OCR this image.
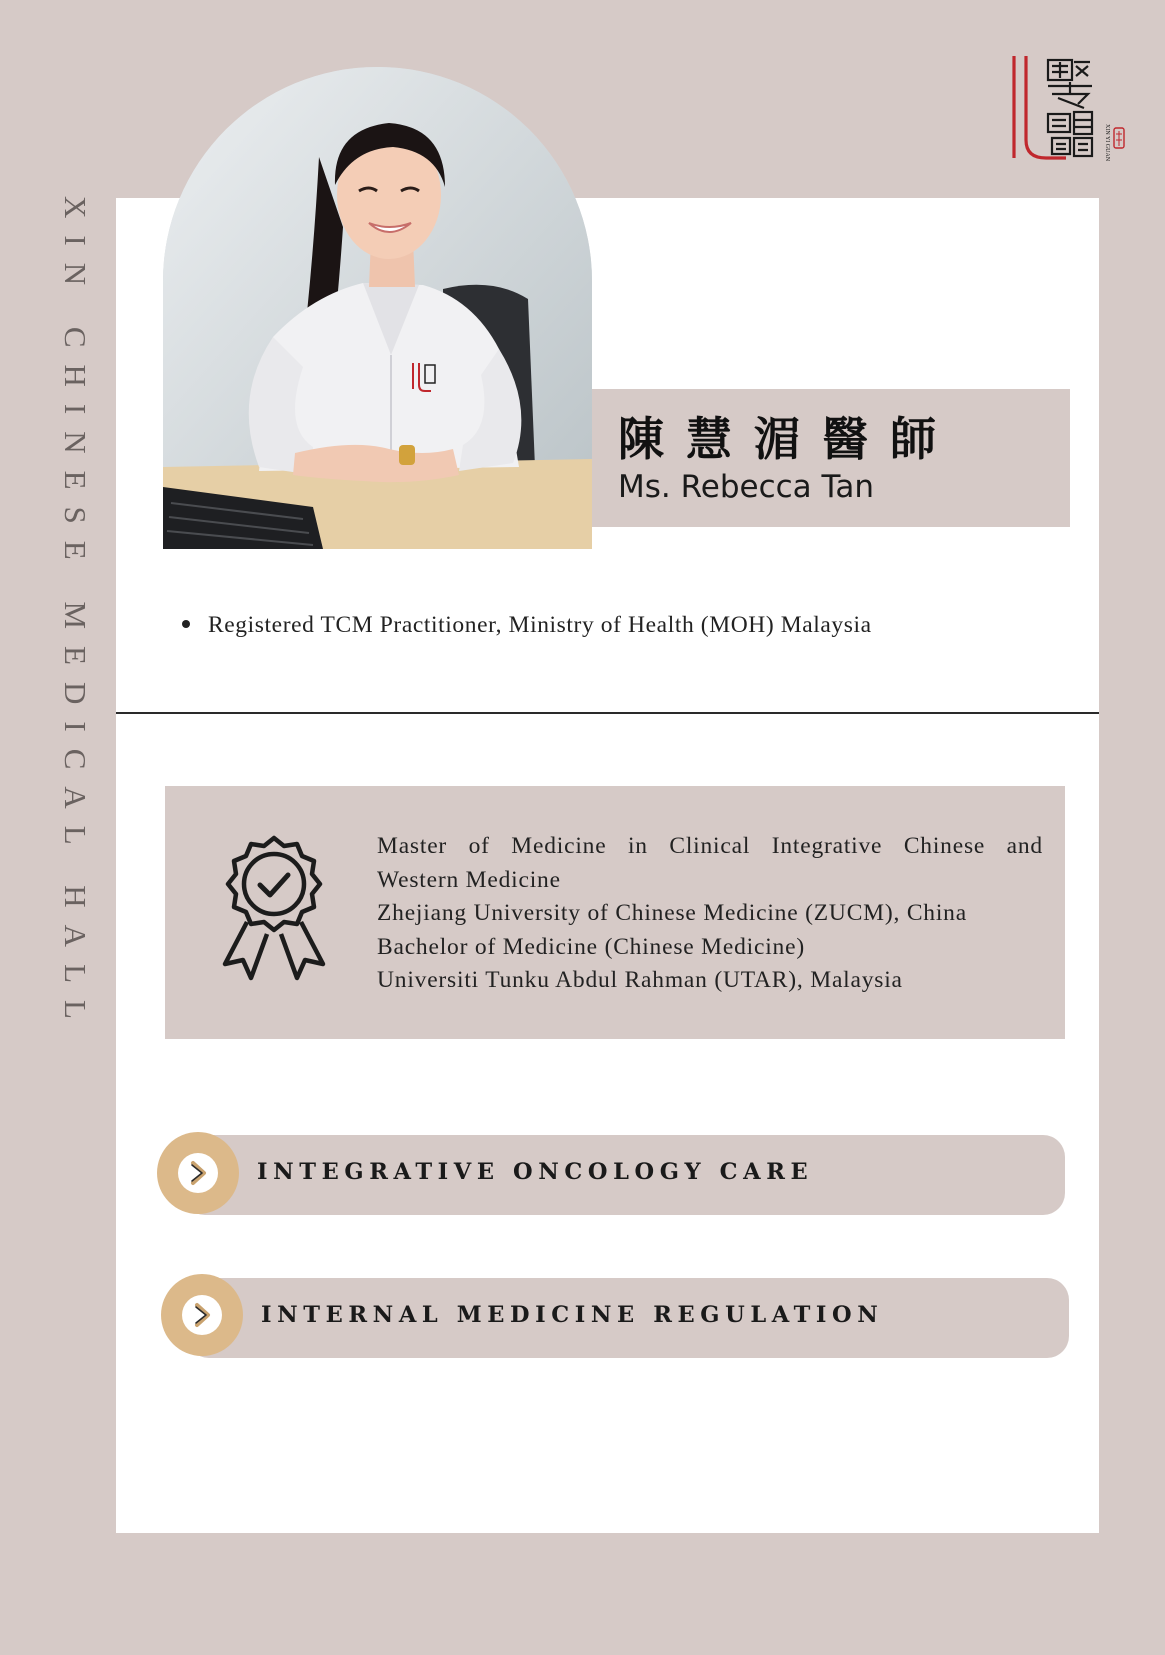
XIN CHINESE MEDICAL HALL
XIN YI GUAN
陳慧湄醫師
Ms. Rebecca Tan
Registered TCM Practitioner, Ministry of Health (MOH) Malaysia
Master of Medicine in Clinical Integrative Chinese and
Western Medicine
Zhejiang University of Chinese Medicine (ZUCM), China
Bachelor of Medicine (Chinese Medicine)
Universiti Tunku Abdul Rahman (UTAR), Malaysia
INTEGRATIVE ONCOLOGY CARE
INTERNAL MEDICINE REGULATION
